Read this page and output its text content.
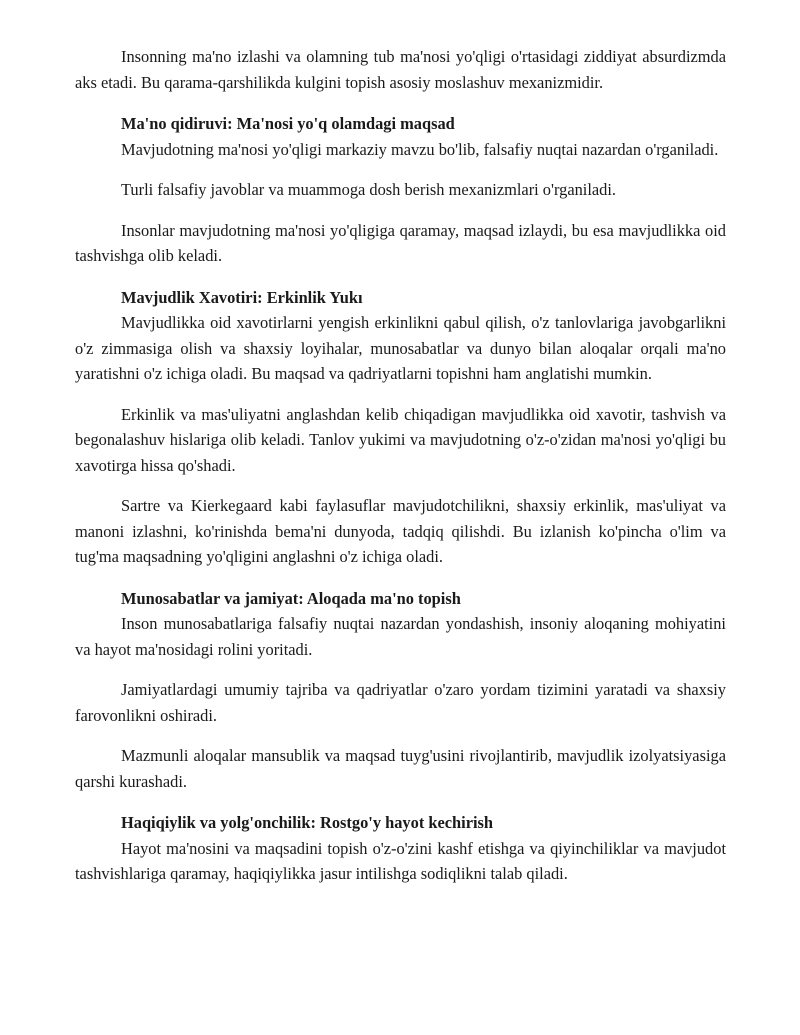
Insonning ma'no izlashi va olamning tub ma'nosi yo'qligi o'rtasidagi ziddiyat absurdizmda aks etadi. Bu qarama-qarshilikda kulgini topish asosiy moslashuv mexanizmidir.

Ma'no qidiruvi: Ma'nosi yo'q olamdagi maqsad

Mavjudotning ma'nosi yo'qligi markaziy mavzu bo'lib, falsafiy nuqtai nazardan o'rganiladi.

Turli falsafiy javoblar va muammoga dosh berish mexanizmlari o'rganiladi.

Insonlar mavjudotning ma'nosi yo'qligiga qaramay, maqsad izlaydi, bu esa mavjudlikka oid tashvishga olib keladi.

Mavjudlik Xavotiri: Erkinlik Yukı

Mavjudlikka oid xavotirlarni yengish erkinlikni qabul qilish, o'z tanlovlariga javobgarlikni o'z zimmasiga olish va shaxsiy loyihalar, munosabatlar va dunyo bilan aloqalar orqali ma'no yaratishni o'z ichiga oladi. Bu maqsad va qadriyatlarni topishni ham anglatishi mumkin.

Erkinlik va mas'uliyatni anglashdan kelib chiqadigan mavjudlikka oid xavotir, tashvish va begonalashuv hislariga olib keladi. Tanlov yukimi va mavjudotning o'z-o'zidan ma'nosi yo'qligi bu xavotirga hissa qo'shadi.

Sartre va Kierkegaard kabi faylasuflar mavjudotchilikni, shaxsiy erkinlik, mas'uliyat va manoni izlashni, ko'rinishda bema'ni dunyoda, tadqiq qilishdi. Bu izlanish ko'pincha o'lim va tug'ma maqsadning yo'qligini anglashni o'z ichiga oladi.

Munosabatlar va jamiyat: Aloqada ma'no topish

Inson munosabatlariga falsafiy nuqtai nazardan yondashish, insoniy aloqaning mohiyatini va hayot ma'nosidagi rolini yoritadi.

Jamiyatlardagi umumiy tajriba va qadriyatlar o'zaro yordam tizimini yaratadi va shaxsiy farovonlikni oshiradi.

Mazmunli aloqalar mansublik va maqsad tuyg'usini rivojlantirib, mavjudlik izolyatsiyasiga qarshi kurashadi.

Haqiqiylik va yolg'onchilik: Rostgo'y hayot kechirish

Hayot ma'nosini va maqsadini topish o'z-o'zini kashf etishga va qiyinchiliklar va mavjudot tashvishlariga qaramay, haqiqiylikka jasur intilishga sodiqlikni talab qiladi.
